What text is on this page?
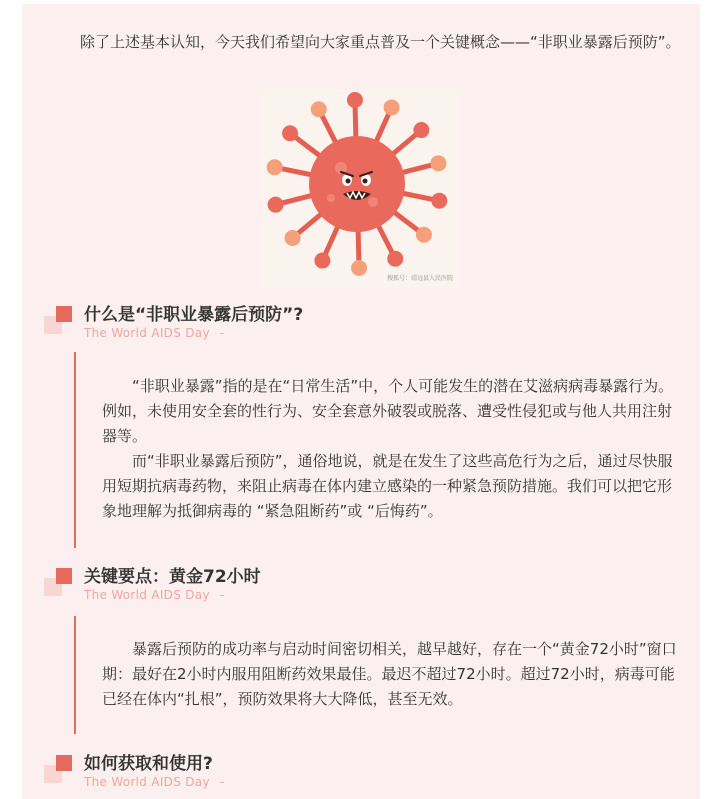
除了上述基本认知，今天我们希望向大家重点普及一个关键概念——“非职业暴露后预防”。

搜狐号：靖远县人民医院
什么是“非职业暴露后预防”?
The World AIDS Day -

“非职业暴露”指的是在“日常生活”中，个人可能发生的潜在艾滋病病毒暴露行为。例如，未使用安全套的性行为、安全套意外破裂或脱落、遭受性侵犯或与他人共用注射器等。

而“非职业暴露后预防”，通俗地说，就是在发生了这些高危行为之后，通过尽快服用短期抗病毒药物，来阻止病毒在体内建立感染的一种紧急预防措施。我们可以把它形象地理解为抵御病毒的 “紧急阻断药”或 “后悔药”。

关键要点：黄金72小时
The World AIDS Day -

暴露后预防的成功率与启动时间密切相关，越早越好，存在一个“黄金72小时”窗口期：最好在2小时内服用阻断药效果最佳。最迟不超过72小时。超过72小时，病毒可能已经在体内“扎根”，预防效果将大大降低，甚至无效。

如何获取和使用?
The World AIDS Day -
